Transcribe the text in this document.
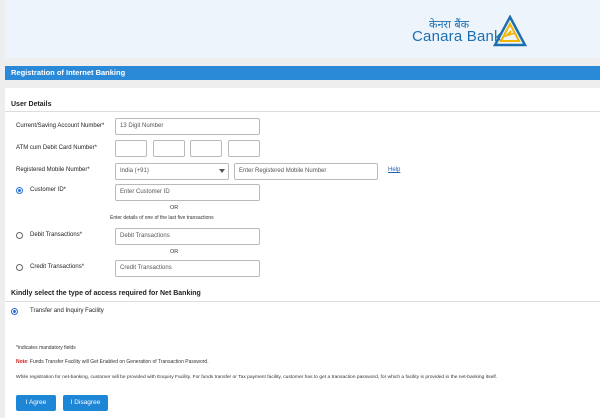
केनरा बैंक
Canara Bank
Registration of Internet Banking
User Details
Current/Saving Account Number*	13 Digit Number
ATM cum Debit Card Number*
Registered Mobile Number*	India (+91)	Enter Registered Mobile Number	Help
Customer ID*	Enter Customer ID
OR
Enter details of one of the last five transactions
Debit Transactions*	Debit Transactions
OR
Credit Transactions*	Credit Transactions
Kindly select the type of access required for Net Banking
Transfer and Inquiry Facility
*indicates mandatory fields
Note: Funds Transfer Facility will Get Enabled on Generation of Transaction Password.
While registration for net-banking, customer will be provided with Enquiry Facility. For funds transfer or Tax payment facility, customer has to get a transaction password, for which a facility is provided in the net-banking itself.
I Agree	I Disagree
